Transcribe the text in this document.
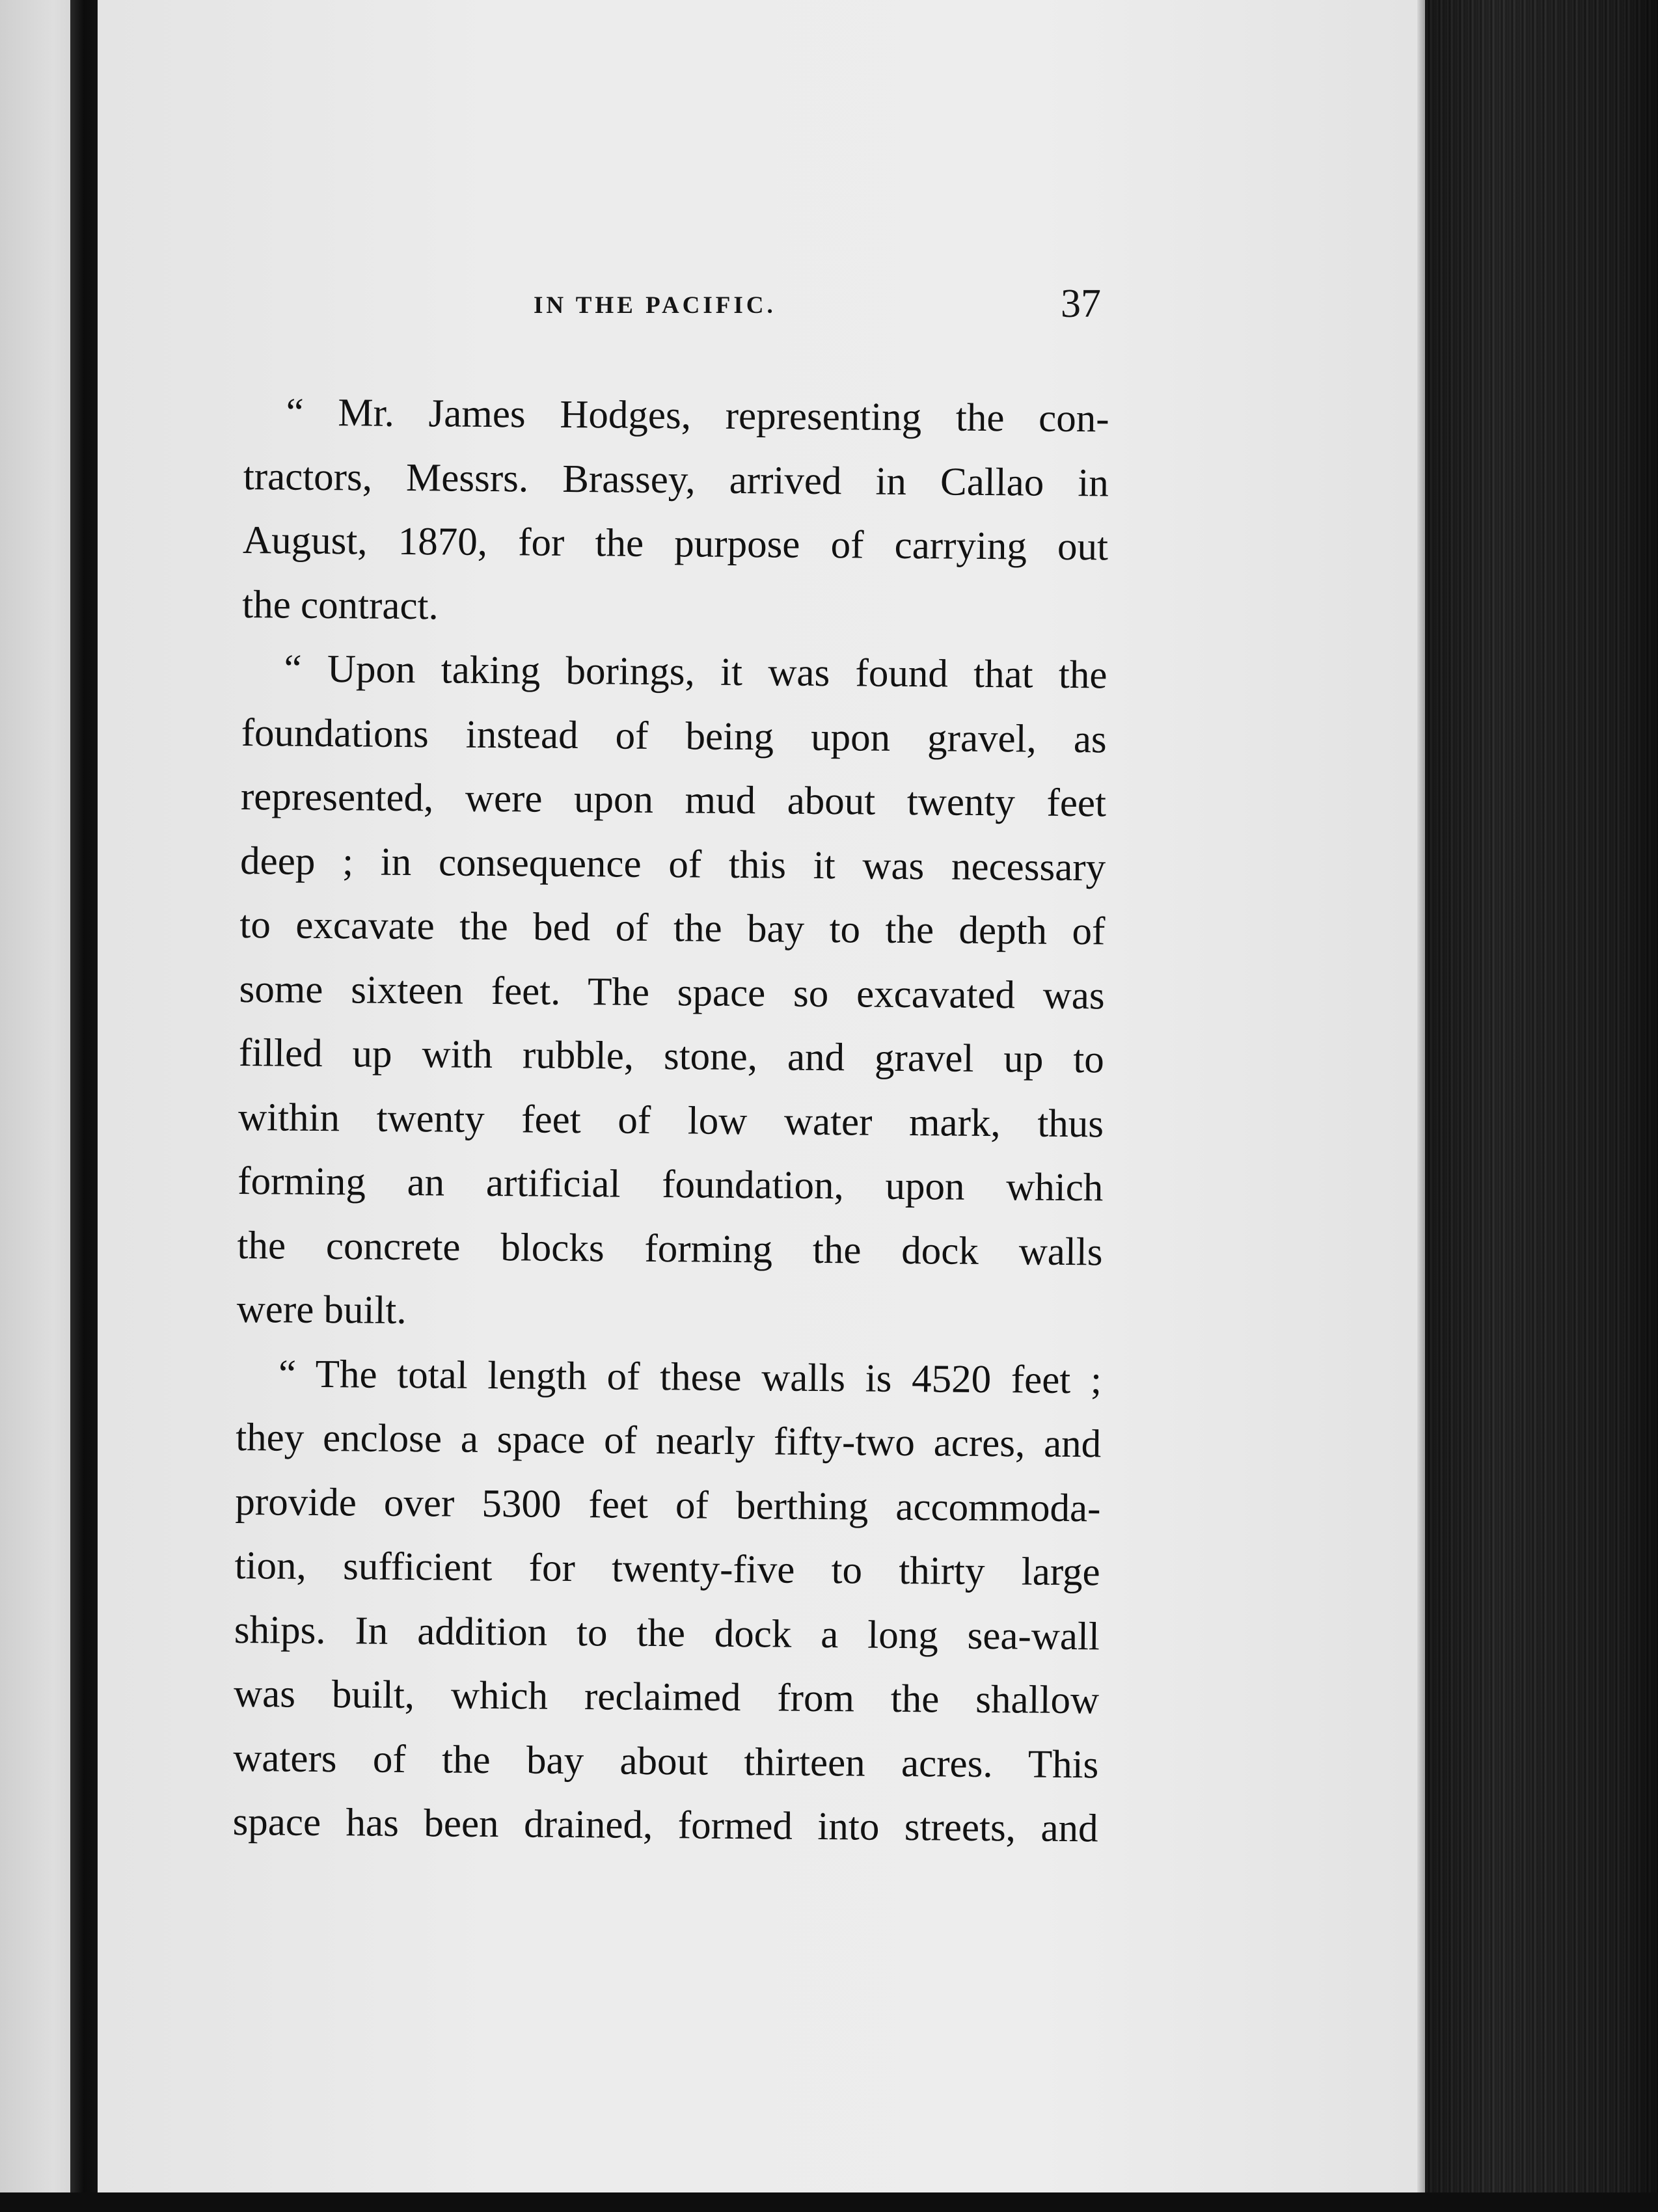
37
“ Mr. James Hodges, representing the con-
tractors, Messrs. Brassey, arrived in Callao in
August, 1870, for the purpose of carrying out
the contract.
“ Upon taking borings, it was found that the
foundations instead of being upon gravel, as
represented, were upon mud about twenty feet
deep ; in consequence of this it was necessary
to excavate the bed of the bay to the depth of
some sixteen feet. The space so excavated was
filled up with rubble, stone, and gravel up to
within twenty feet of low water mark, thus
forming an artificial foundation, upon which
the concrete blocks forming the dock walls
were built.
“ The total length of these walls is 4520 feet ;
they enclose a space of nearly fifty-two acres, and
provide over 5300 feet of berthing accommoda-
tion, sufficient for twenty-five to thirty large
ships. In addition to the dock a long sea-wall
was built, which reclaimed from the shallow
waters of the bay about thirteen acres. This
space has been drained, formed into streets, and
